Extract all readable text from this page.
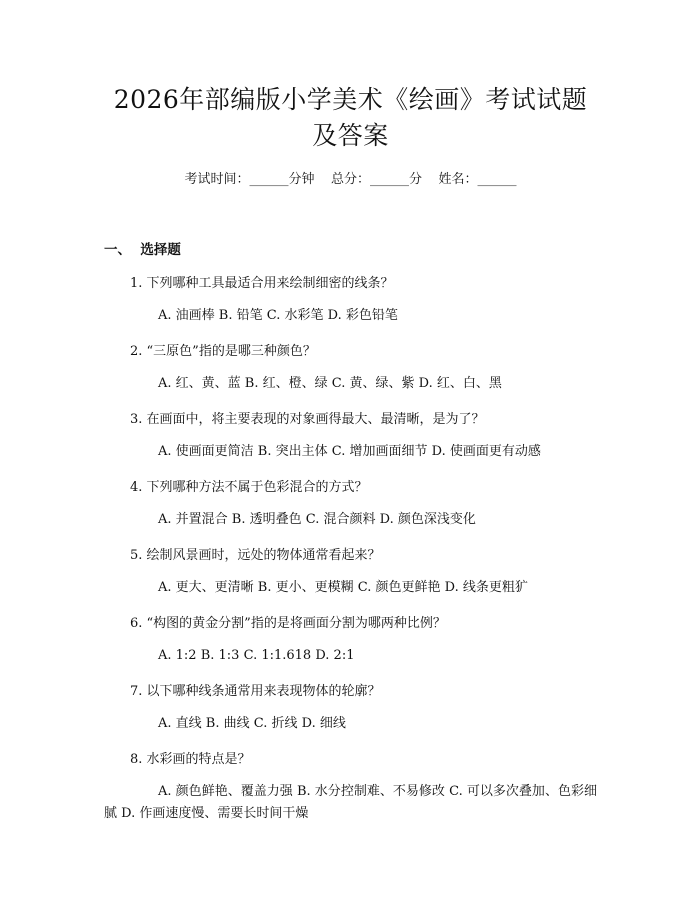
2026年部编版小学美术《绘画》考试试题及答案
考试时间：______分钟    总分：______分    姓名：______
一、  选择题
1. 下列哪种工具最适合用来绘制细密的线条？
A. 油画棒 B. 铅笔 C. 水彩笔 D. 彩色铅笔
2. “三原色”指的是哪三种颜色？
A. 红、黄、蓝 B. 红、橙、绿 C. 黄、绿、紫 D. 红、白、黑
3. 在画面中，将主要表现的对象画得最大、最清晰，是为了？
A. 使画面更简洁 B. 突出主体 C. 增加画面细节 D. 使画面更有动感
4. 下列哪种方法不属于色彩混合的方式？
A. 并置混合 B. 透明叠色 C. 混合颜料 D. 颜色深浅变化
5. 绘制风景画时，远处的物体通常看起来？
A. 更大、更清晰 B. 更小、更模糊 C. 颜色更鲜艳 D. 线条更粗犷
6. “构图的黄金分割”指的是将画面分割为哪两种比例？
A. 1:2 B. 1:3 C. 1:1.618 D. 2:1
7. 以下哪种线条通常用来表现物体的轮廓？
A. 直线 B. 曲线 C. 折线 D. 细线
8. 水彩画的特点是？
A. 颜色鲜艳、覆盖力强 B. 水分控制难、不易修改 C. 可以多次叠加、色彩细腻 D. 作画速度慢、需要长时间干燥
